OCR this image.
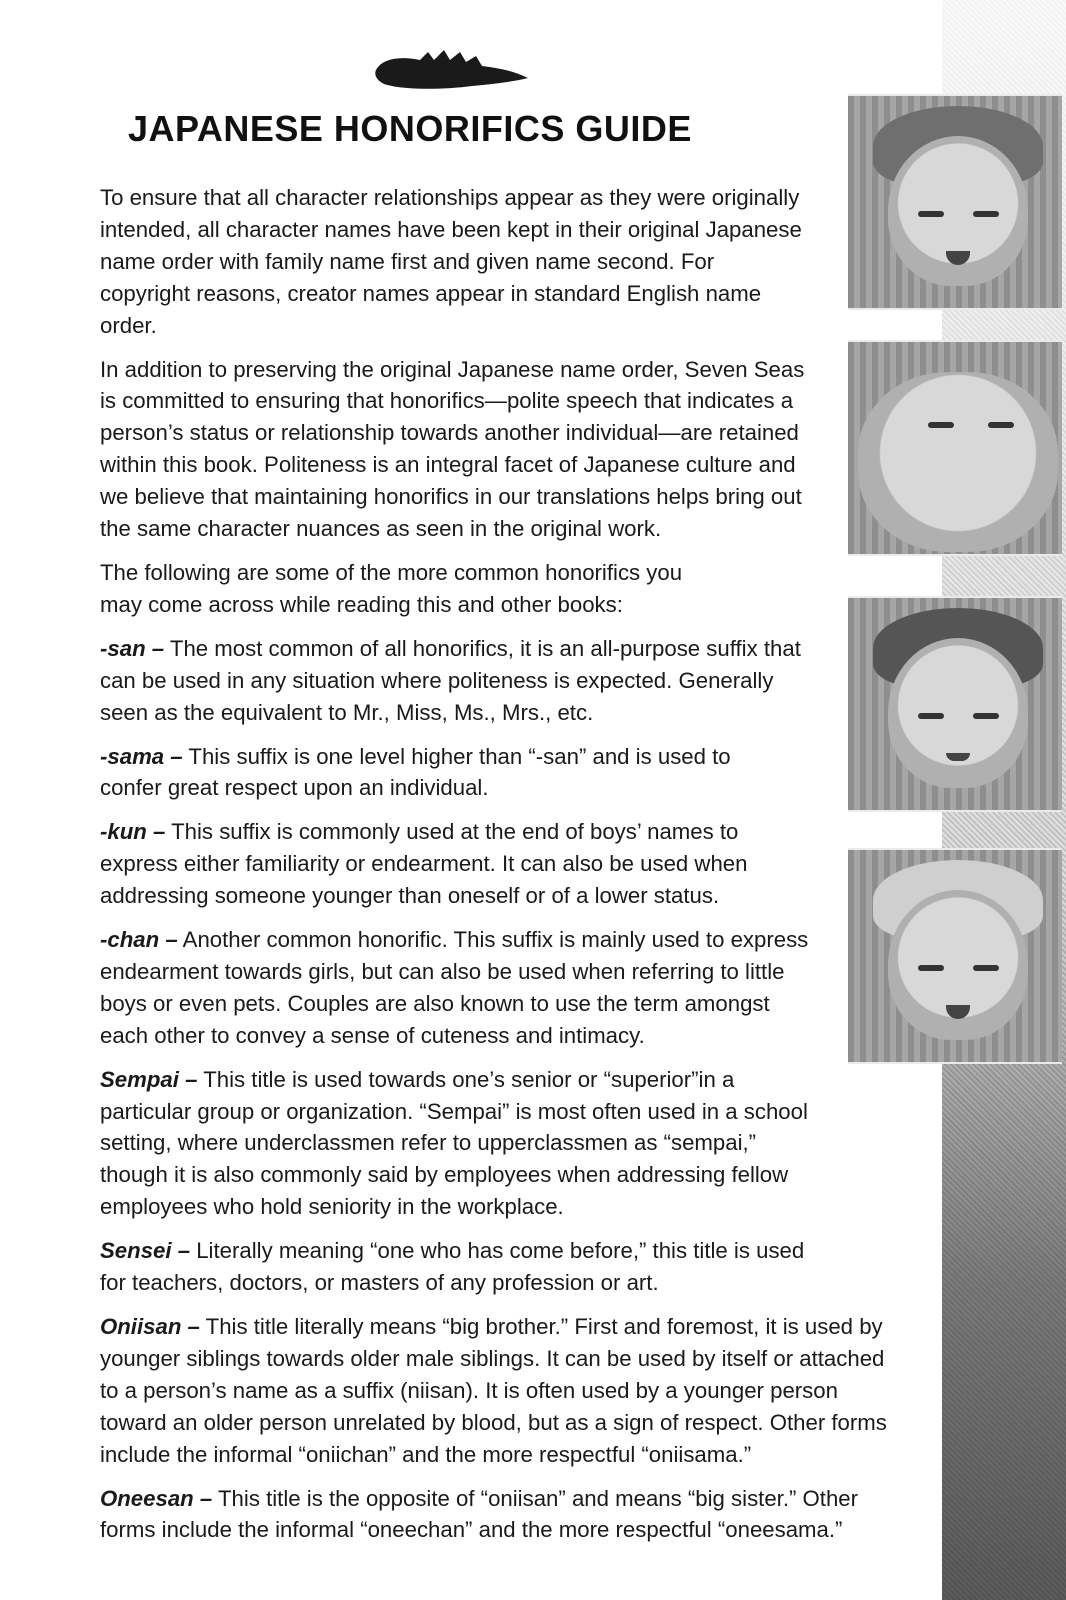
JAPANESE HONORIFICS GUIDE

To ensure that all character relationships appear as they were originally intended, all character names have been kept in their original Japanese name order with family name first and given name second. For copyright reasons, creator names appear in standard English name order.

In addition to preserving the original Japanese name order, Seven Seas is committed to ensuring that honorifics—polite speech that indicates a person’s status or relationship towards another individual—are retained within this book. Politeness is an integral facet of Japanese culture and we believe that maintaining honorifics in our translations helps bring out the same character nuances as seen in the original work.

The following are some of the more common honorifics you may come across while reading this and other books:

-san – The most common of all honorifics, it is an all-purpose suffix that can be used in any situation where politeness is expected. Generally seen as the equivalent to Mr., Miss, Ms., Mrs., etc.

-sama – This suffix is one level higher than “-san” and is used to confer great respect upon an individual.

-kun – This suffix is commonly used at the end of boys’ names to express either familiarity or endearment. It can also be used when addressing someone younger than oneself or of a lower status.

-chan – Another common honorific. This suffix is mainly used to express endearment towards girls, but can also be used when referring to little boys or even pets. Couples are also known to use the term amongst each other to convey a sense of cuteness and intimacy.

Sempai – This title is used towards one’s senior or “superior”in a particular group or organization. “Sempai” is most often used in a school setting, where underclassmen refer to upperclassmen as “sempai,” though it is also commonly said by employees when addressing fellow employees who hold seniority in the workplace.

Sensei – Literally meaning “one who has come before,” this title is used for teachers, doctors, or masters of any profession or art.

Oniisan – This title literally means “big brother.” First and foremost, it is used by younger siblings towards older male siblings. It can be used by itself or attached to a person’s name as a suffix (niisan). It is often used by a younger person toward an older person unrelated by blood, but as a sign of respect. Other forms include the informal “oniichan” and the more respectful “oniisama.”

Oneesan – This title is the opposite of “oniisan” and means “big sister.” Other forms include the informal “oneechan” and the more respectful “oneesama.”
